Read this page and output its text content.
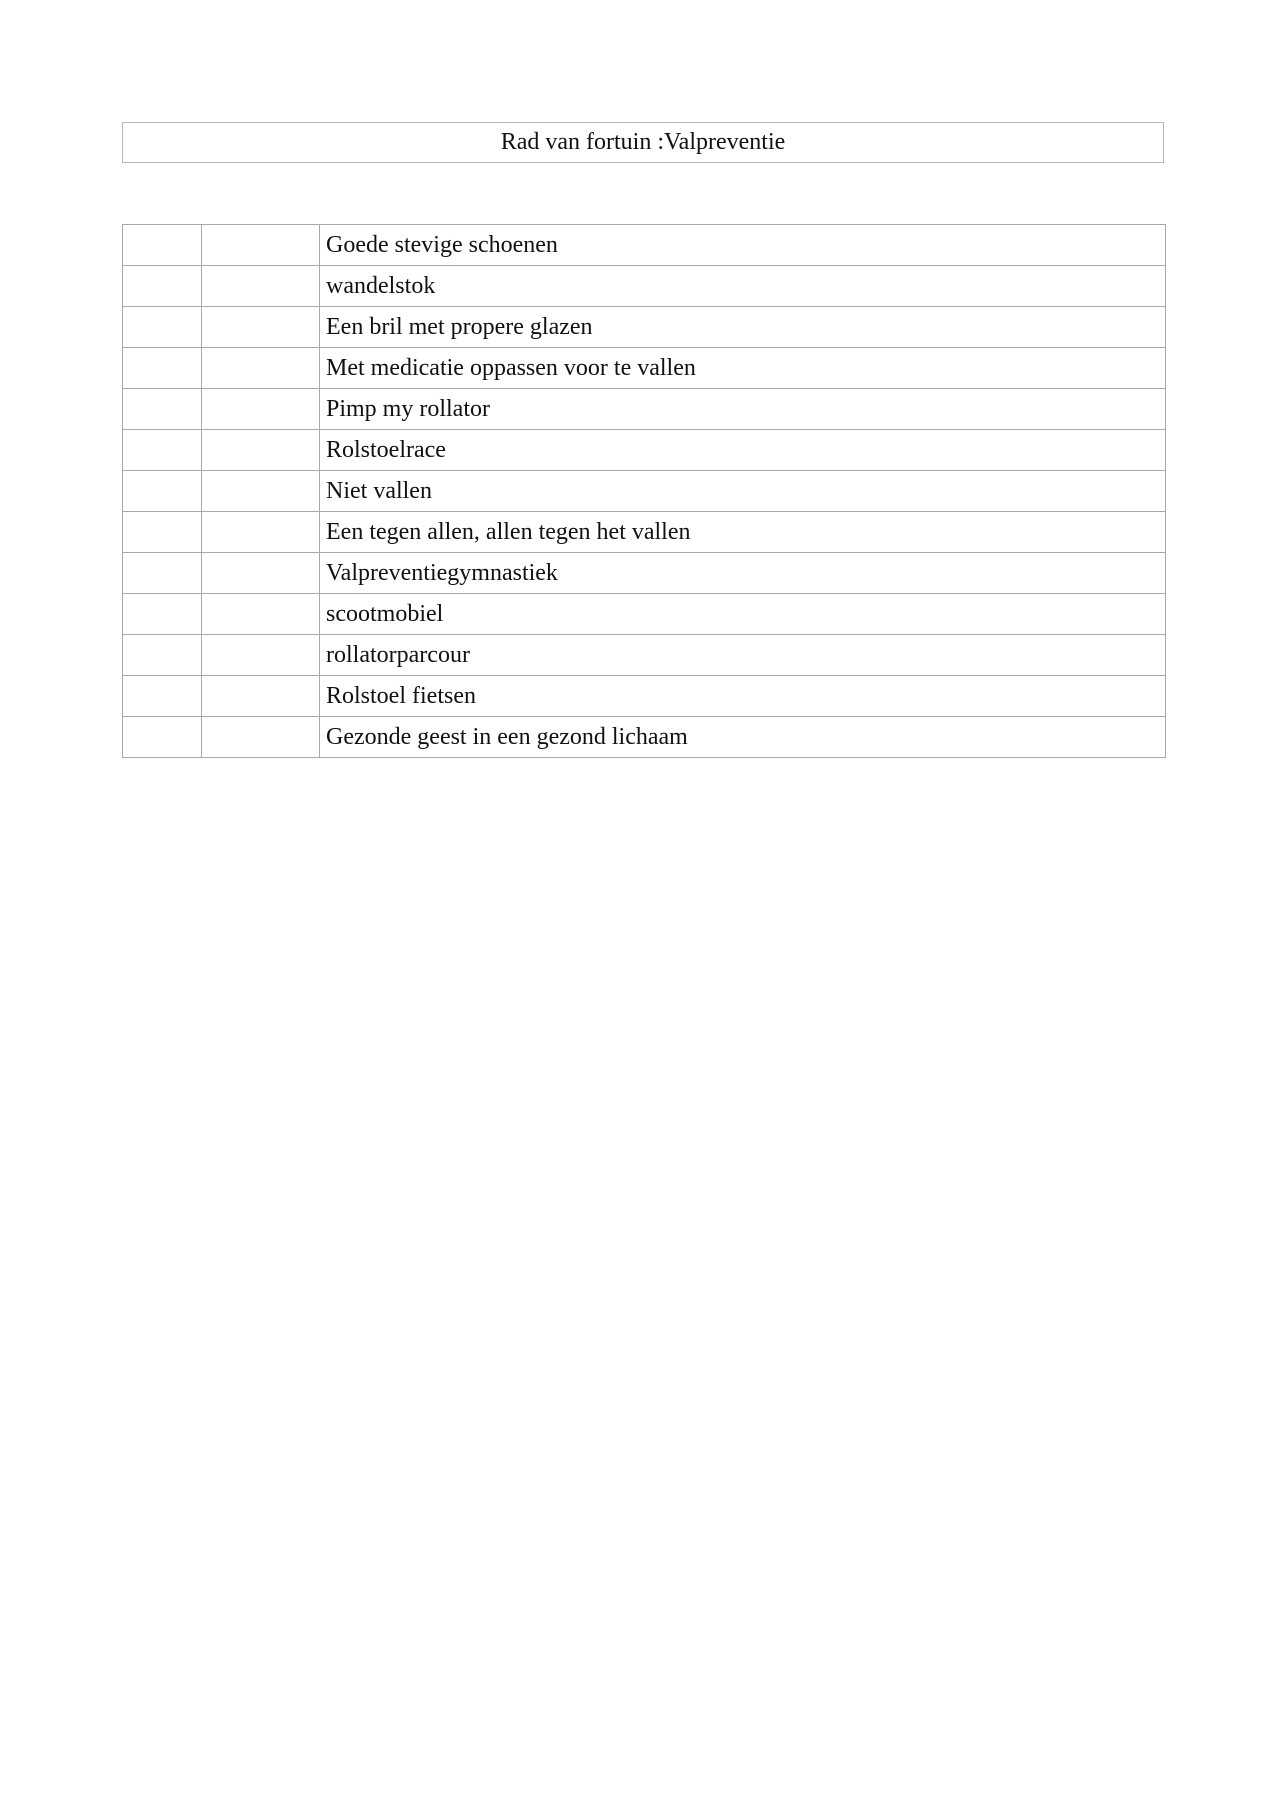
Rad van fortuin :Valpreventie
		Goede stevige schoenen
		wandelstok
		Een bril met propere glazen
		Met medicatie oppassen voor te vallen
		Pimp my rollator
		Rolstoelrace
		Niet vallen
		Een tegen allen, allen tegen het vallen
		Valpreventiegymnastiek
		scootmobiel
		rollatorparcour
		Rolstoel fietsen
		Gezonde geest in een gezond lichaam
